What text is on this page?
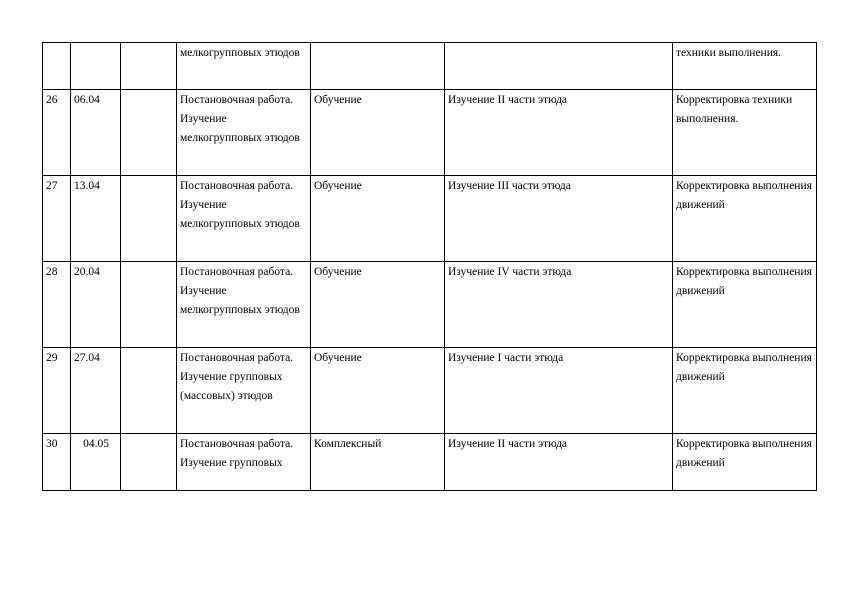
			мелкогрупповых этюдов			техники выполнения.
26	06.04		Постановочная работа. Изучение мелкогрупповых этюдов	Обучение	Изучение II части этюда	Корректировка техники выполнения.
27	13.04		Постановочная работа. Изучение мелкогрупповых этюдов	Обучение	Изучение III части этюда	Корректировка выполнения движений
28	20.04		Постановочная работа. Изучение мелкогрупповых этюдов	Обучение	Изучение IV части этюда	Корректировка выполнения движений
29	27.04		Постановочная работа. Изучение групповых (массовых) этюдов	Обучение	Изучение I части этюда	Корректировка выполнения движений
30	04.05		Постановочная работа. Изучение групповых	Комплексный	Изучение II части этюда	Корректировка выполнения движений
